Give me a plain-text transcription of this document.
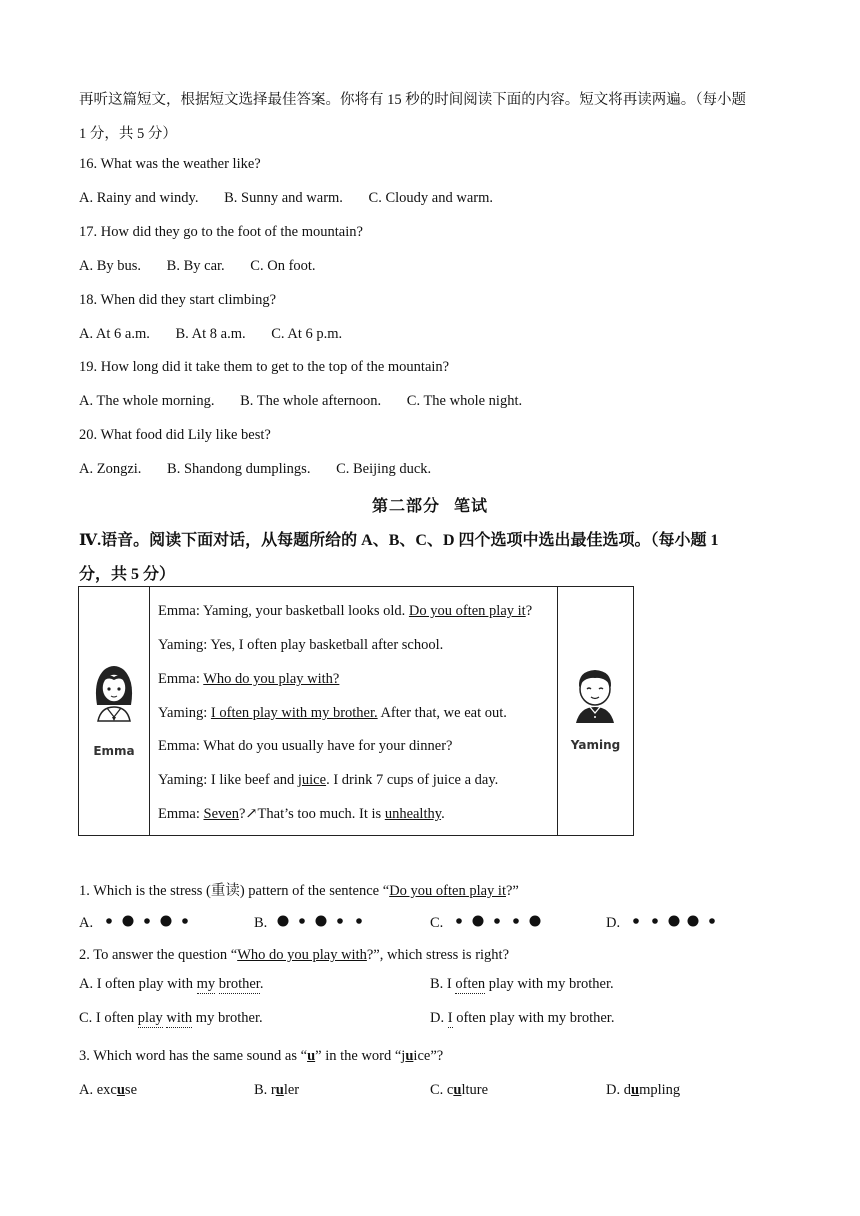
再听这篇短文，根据短文选择最佳答案。你将有 15 秒的时间阅读下面的内容。短文将再读两遍。（每小题
1 分，共 5 分）
16. What was the weather like?
A. Rainy and windy. B. Sunny and warm. C. Cloudy and warm.
17. How did they go to the foot of the mountain?
A. By bus. B. By car. C. On foot.
18. When did they start climbing?
A. At 6 a.m. B. At 8 a.m. C. At 6 p.m.
19. How long did it take them to get to the top of the mountain?
A. The whole morning. B. The whole afternoon. C. The whole night.
20. What food did Lily like best?
A. Zongzi. B. Shandong dumplings. C. Beijing duck.
第二部分 笔试
Ⅳ.语音。阅读下面对话，从每题所给的 A、B、C、D 四个选项中选出最佳选项。（每小题 1
分，共 5 分）
Emma

Emma: Yaming, your basketball looks old. Do you often play it?
Yaming: Yes, I often play basketball after school.
Emma: Who do you play with?
Yaming: I often play with my brother. After that, we eat out.
Emma: What do you usually have for your dinner?
Yaming: I like beef and juice. I drink 7 cups of juice a day.
Emma: Seven?↗That’s too much. It is unhealthy.

Yaming
1. Which is the stress (重读) pattern of the sentence “Do you often play it?”
A.	B.	C.	D.
2. To answer the question “Who do you play with?”, which stress is right?
A. I often play with my brother.	B. I often play with my brother.
C. I often play with my brother.	D. I often play with my brother.
3. Which word has the same sound as “u” in the word “juice”?
A. excuse	B. ruler	C. culture	D. dumpling
